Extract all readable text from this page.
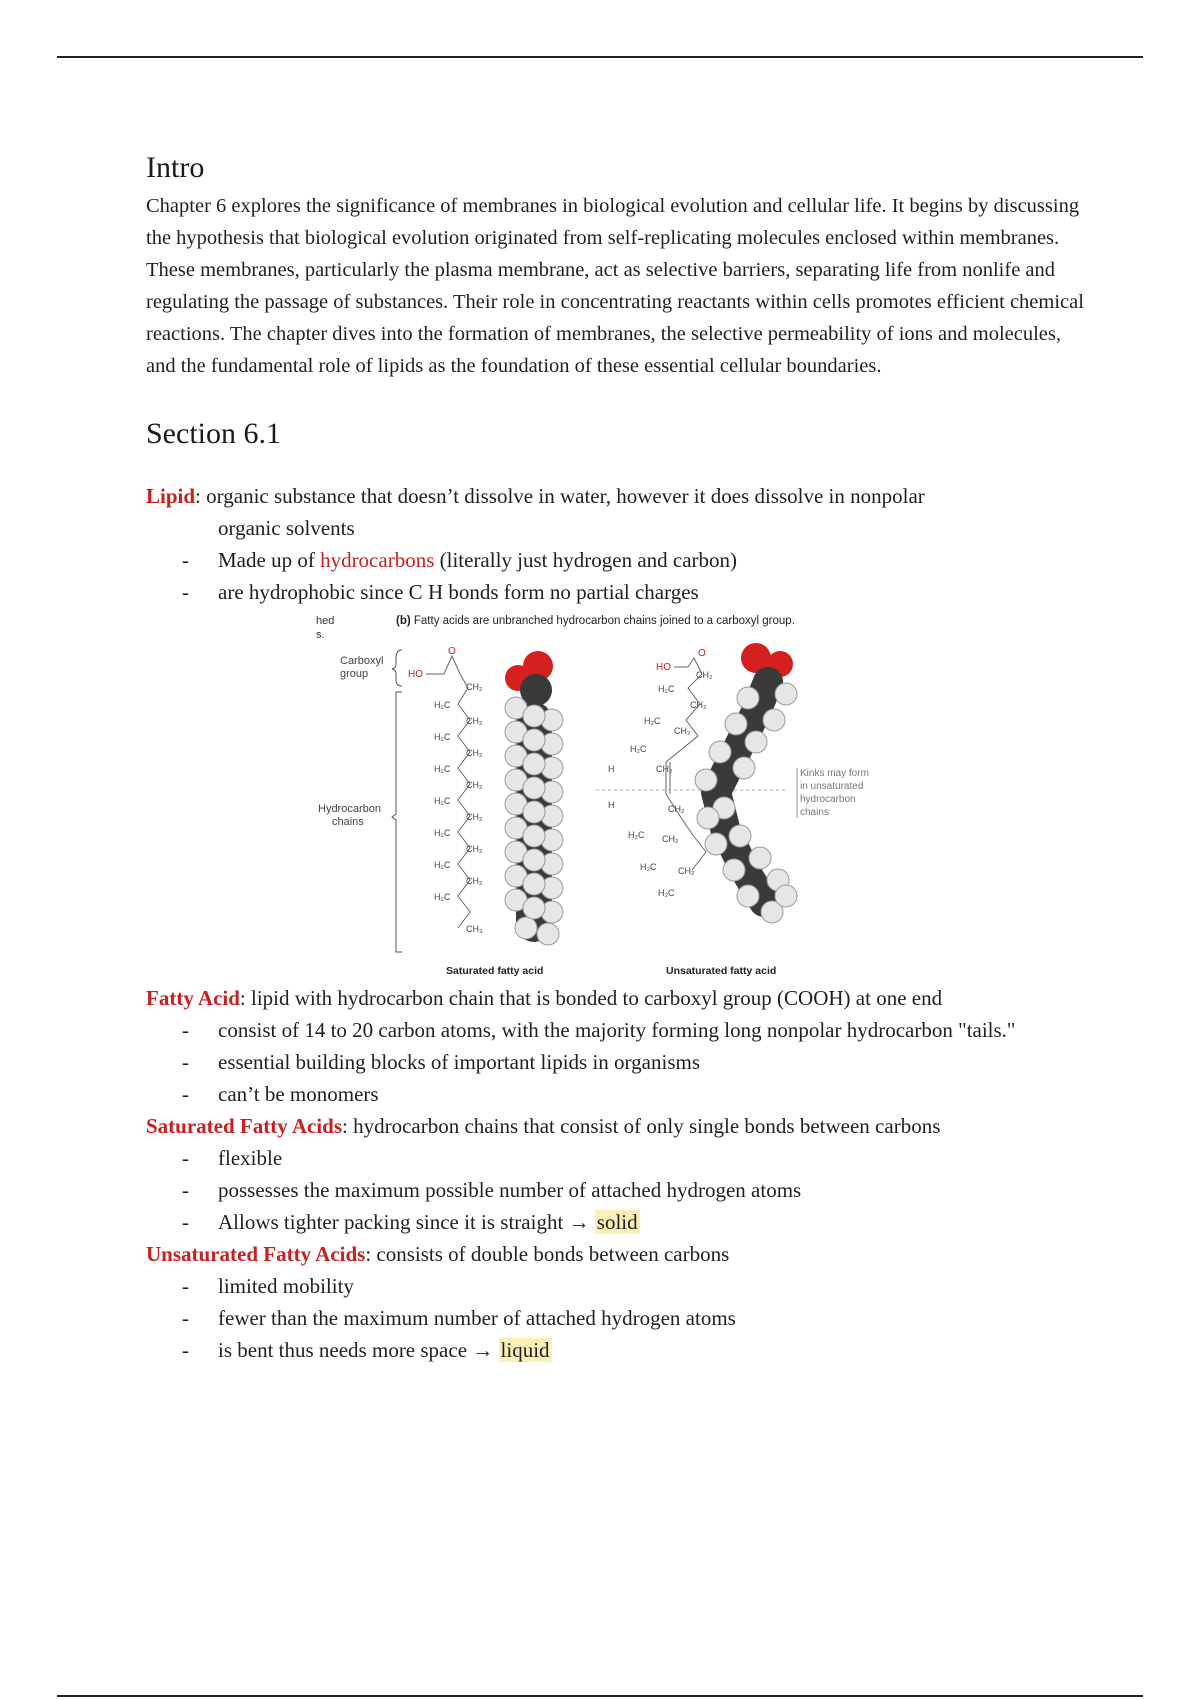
Intro

Chapter 6 explores the significance of membranes in biological evolution and cellular life. It begins by discussing the hypothesis that biological evolution originated from self-replicating molecules enclosed within membranes. These membranes, particularly the plasma membrane, act as selective barriers, separating life from nonlife and regulating the passage of substances. Their role in concentrating reactants within cells promotes efficient chemical reactions. The chapter dives into the formation of membranes, the selective permeability of ions and molecules, and the fundamental role of lipids as the foundation of these essential cellular boundaries.

Section 6.1

Lipid: organic substance that doesn’t dissolve in water, however it does dissolve in nonpolar

organic solvents

- Made up of hydrocarbons (literally just hydrogen and carbon)
- are hydrophobic since C H bonds form no partial charges
hed
s.
(b) Fatty acids are unbranched hydrocarbon chains joined to a carboxyl group.
Carboxyl
group
Hydrocarbon
chains
HO
O
CH₂
H₂C
CH₂
H₂C
CH₂
H₂C
CH₂
H₂C
CH₂
H₂C
CH₂
H₂C
CH₂
H₂C
CH₃
HO
O
CH₂
H₂C
CH₂
H₂C
CH₂
H₂C
CH₂
H
H	CH₂
H₂C CH₂
H₂C CH₂
H₂C
Kinks may form
in unsaturated
hydrocarbon
chains
Saturated fatty acid	Unsaturated fatty acid

Fatty Acid: lipid with hydrocarbon chain that is bonded to carboxyl group (COOH) at one end

- consist of 14 to 20 carbon atoms, with the majority forming long nonpolar hydrocarbon "tails."
- essential building blocks of important lipids in organisms
- can’t be monomers

Saturated Fatty Acids: hydrocarbon chains that consist of only single bonds between carbons

- flexible
- possesses the maximum possible number of attached hydrogen atoms
- Allows tighter packing since it is straight → solid

Unsaturated Fatty Acids: consists of double bonds between carbons

- limited mobility
- fewer than the maximum number of attached hydrogen atoms
- is bent thus needs more space → liquid
